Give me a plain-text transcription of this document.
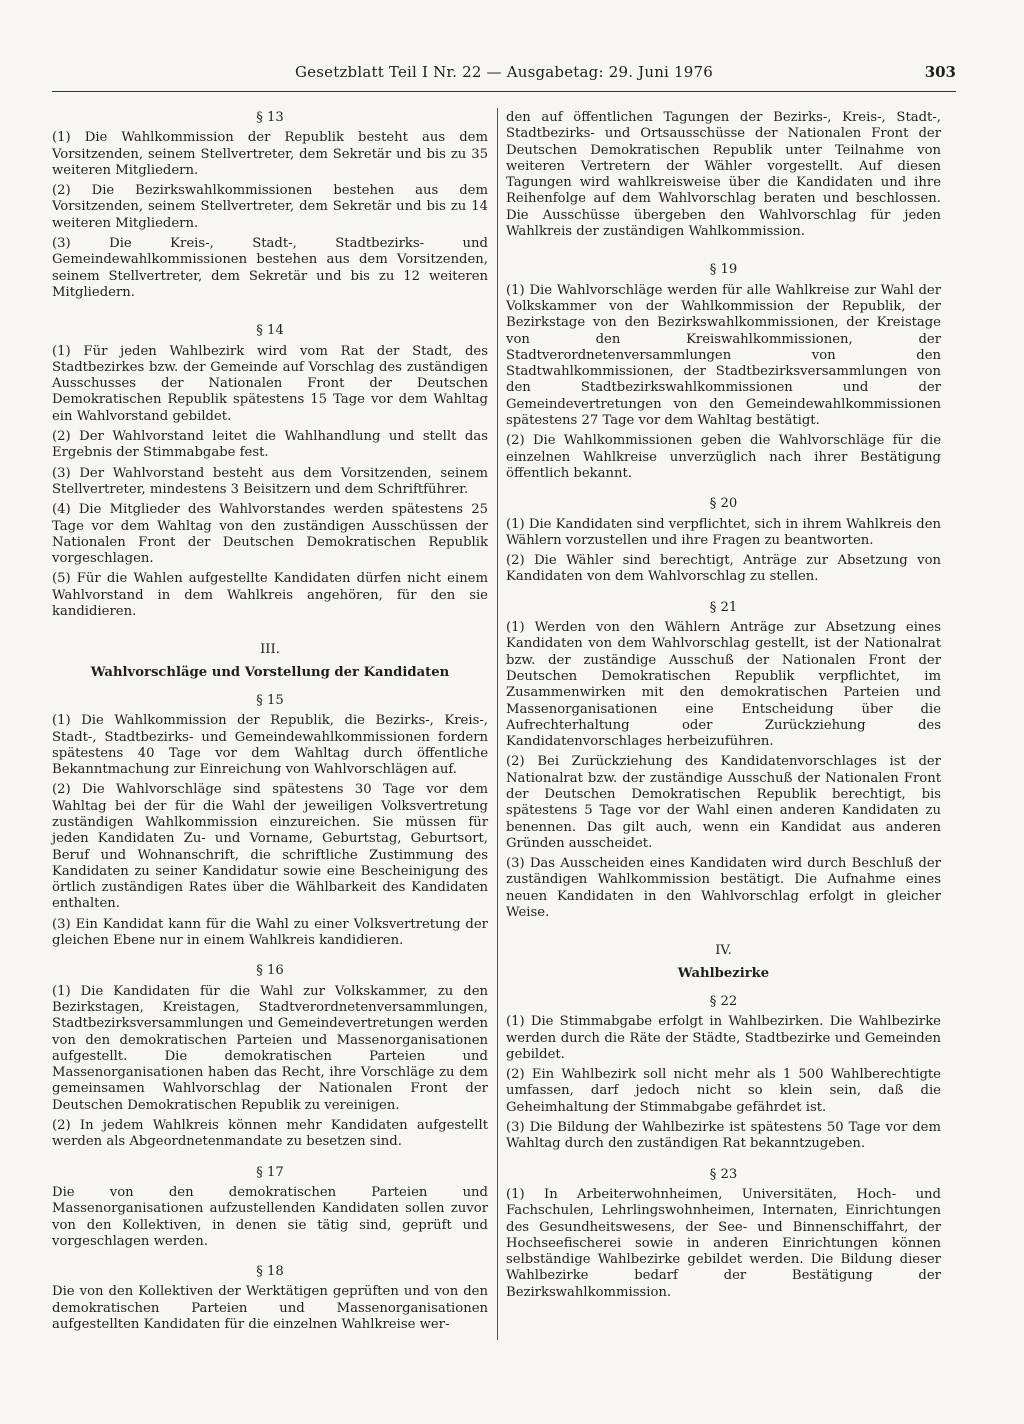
Gesetzblatt Teil I Nr. 22 — Ausgabetag: 29. Juni 1976	303
§ 13

(1) Die Wahlkommission der Republik besteht aus dem Vorsitzenden, seinem Stellvertreter, dem Sekretär und bis zu 35 weiteren Mitgliedern.

(2) Die Bezirkswahlkommissionen bestehen aus dem Vorsitzenden, seinem Stellvertreter, dem Sekretär und bis zu 14 weiteren Mitgliedern.

(3) Die Kreis-, Stadt-, Stadtbezirks- und Gemeindewahlkommissionen bestehen aus dem Vorsitzenden, seinem Stellvertreter, dem Sekretär und bis zu 12 weiteren Mitgliedern.

§ 14

(1) Für jeden Wahlbezirk wird vom Rat der Stadt, des Stadtbezirkes bzw. der Gemeinde auf Vorschlag des zuständigen Ausschusses der Nationalen Front der Deutschen Demokratischen Republik spätestens 15 Tage vor dem Wahltag ein Wahlvorstand gebildet.

(2) Der Wahlvorstand leitet die Wahlhandlung und stellt das Ergebnis der Stimmabgabe fest.

(3) Der Wahlvorstand besteht aus dem Vorsitzenden, seinem Stellvertreter, mindestens 3 Beisitzern und dem Schriftführer.

(4) Die Mitglieder des Wahlvorstandes werden spätestens 25 Tage vor dem Wahltag von den zuständigen Ausschüssen der Nationalen Front der Deutschen Demokratischen Republik vorgeschlagen.

(5) Für die Wahlen aufgestellte Kandidaten dürfen nicht einem Wahlvorstand in dem Wahlkreis angehören, für den sie kandidieren.

III.
Wahlvorschläge und Vorstellung der Kandidaten
§ 15

(1) Die Wahlkommission der Republik, die Bezirks-, Kreis-, Stadt-, Stadtbezirks- und Gemeindewahlkommissionen fordern spätestens 40 Tage vor dem Wahltag durch öffentliche Bekanntmachung zur Einreichung von Wahlvorschlägen auf.

(2) Die Wahlvorschläge sind spätestens 30 Tage vor dem Wahltag bei der für die Wahl der jeweiligen Volksvertretung zuständigen Wahlkommission einzureichen. Sie müssen für jeden Kandidaten Zu- und Vorname, Geburtstag, Geburtsort, Beruf und Wohnanschrift, die schriftliche Zustimmung des Kandidaten zu seiner Kandidatur sowie eine Bescheinigung des örtlich zuständigen Rates über die Wählbarkeit des Kandidaten enthalten.

(3) Ein Kandidat kann für die Wahl zu einer Volksvertretung der gleichen Ebene nur in einem Wahlkreis kandidieren.

§ 16

(1) Die Kandidaten für die Wahl zur Volkskammer, zu den Bezirkstagen, Kreistagen, Stadtverordnetenversammlungen, Stadtbezirksversammlungen und Gemeindevertretungen werden von den demokratischen Parteien und Massenorganisationen aufgestellt. Die demokratischen Parteien und Massenorganisationen haben das Recht, ihre Vorschläge zu dem gemeinsamen Wahlvorschlag der Nationalen Front der Deutschen Demokratischen Republik zu vereinigen.

(2) In jedem Wahlkreis können mehr Kandidaten aufgestellt werden als Abgeordnetenmandate zu besetzen sind.

§ 17

Die von den demokratischen Parteien und Massenorganisationen aufzustellenden Kandidaten sollen zuvor von den Kollektiven, in denen sie tätig sind, geprüft und vorgeschlagen werden.

§ 18

Die von den Kollektiven der Werktätigen geprüften und von den demokratischen Parteien und Massenorganisationen aufgestellten Kandidaten für die einzelnen Wahlkreise wer-

den auf öffentlichen Tagungen der Bezirks-, Kreis-, Stadt-, Stadtbezirks- und Ortsausschüsse der Nationalen Front der Deutschen Demokratischen Republik unter Teilnahme von weiteren Vertretern der Wähler vorgestellt. Auf diesen Tagungen wird wahlkreisweise über die Kandidaten und ihre Reihenfolge auf dem Wahlvorschlag beraten und beschlossen. Die Ausschüsse übergeben den Wahlvorschlag für jeden Wahlkreis der zuständigen Wahlkommission.

§ 19

(1) Die Wahlvorschläge werden für alle Wahlkreise zur Wahl der Volkskammer von der Wahlkommission der Republik, der Bezirkstage von den Bezirkswahlkommissionen, der Kreistage von den Kreiswahlkommissionen, der Stadtverordnetenversammlungen von den Stadtwahlkommissionen, der Stadtbezirksversammlungen von den Stadtbezirkswahlkommissionen und der Gemeindevertretungen von den Gemeindewahlkommissionen spätestens 27 Tage vor dem Wahltag bestätigt.

(2) Die Wahlkommissionen geben die Wahlvorschläge für die einzelnen Wahlkreise unverzüglich nach ihrer Bestätigung öffentlich bekannt.

§ 20

(1) Die Kandidaten sind verpflichtet, sich in ihrem Wahlkreis den Wählern vorzustellen und ihre Fragen zu beantworten.

(2) Die Wähler sind berechtigt, Anträge zur Absetzung von Kandidaten von dem Wahlvorschlag zu stellen.

§ 21

(1) Werden von den Wählern Anträge zur Absetzung eines Kandidaten von dem Wahlvorschlag gestellt, ist der Nationalrat bzw. der zuständige Ausschuß der Nationalen Front der Deutschen Demokratischen Republik verpflichtet, im Zusammenwirken mit den demokratischen Parteien und Massenorganisationen eine Entscheidung über die Aufrechterhaltung oder Zurückziehung des Kandidatenvorschlages herbeizuführen.

(2) Bei Zurückziehung des Kandidatenvorschlages ist der Nationalrat bzw. der zuständige Ausschuß der Nationalen Front der Deutschen Demokratischen Republik berechtigt, bis spätestens 5 Tage vor der Wahl einen anderen Kandidaten zu benennen. Das gilt auch, wenn ein Kandidat aus anderen Gründen ausscheidet.

(3) Das Ausscheiden eines Kandidaten wird durch Beschluß der zuständigen Wahlkommission bestätigt. Die Aufnahme eines neuen Kandidaten in den Wahlvorschlag erfolgt in gleicher Weise.

IV.
Wahlbezirke
§ 22

(1) Die Stimmabgabe erfolgt in Wahlbezirken. Die Wahlbezirke werden durch die Räte der Städte, Stadtbezirke und Gemeinden gebildet.

(2) Ein Wahlbezirk soll nicht mehr als 1 500 Wahlberechtigte umfassen, darf jedoch nicht so klein sein, daß die Geheimhaltung der Stimmabgabe gefährdet ist.

(3) Die Bildung der Wahlbezirke ist spätestens 50 Tage vor dem Wahltag durch den zuständigen Rat bekanntzugeben.

§ 23

(1) In Arbeiterwohnheimen, Universitäten, Hoch- und Fachschulen, Lehrlingswohnheimen, Internaten, Einrichtungen des Gesundheitswesens, der See- und Binnenschiffahrt, der Hochseefischerei sowie in anderen Einrichtungen können selbständige Wahlbezirke gebildet werden. Die Bildung dieser Wahlbezirke bedarf der Bestätigung der Bezirkswahlkommission.
